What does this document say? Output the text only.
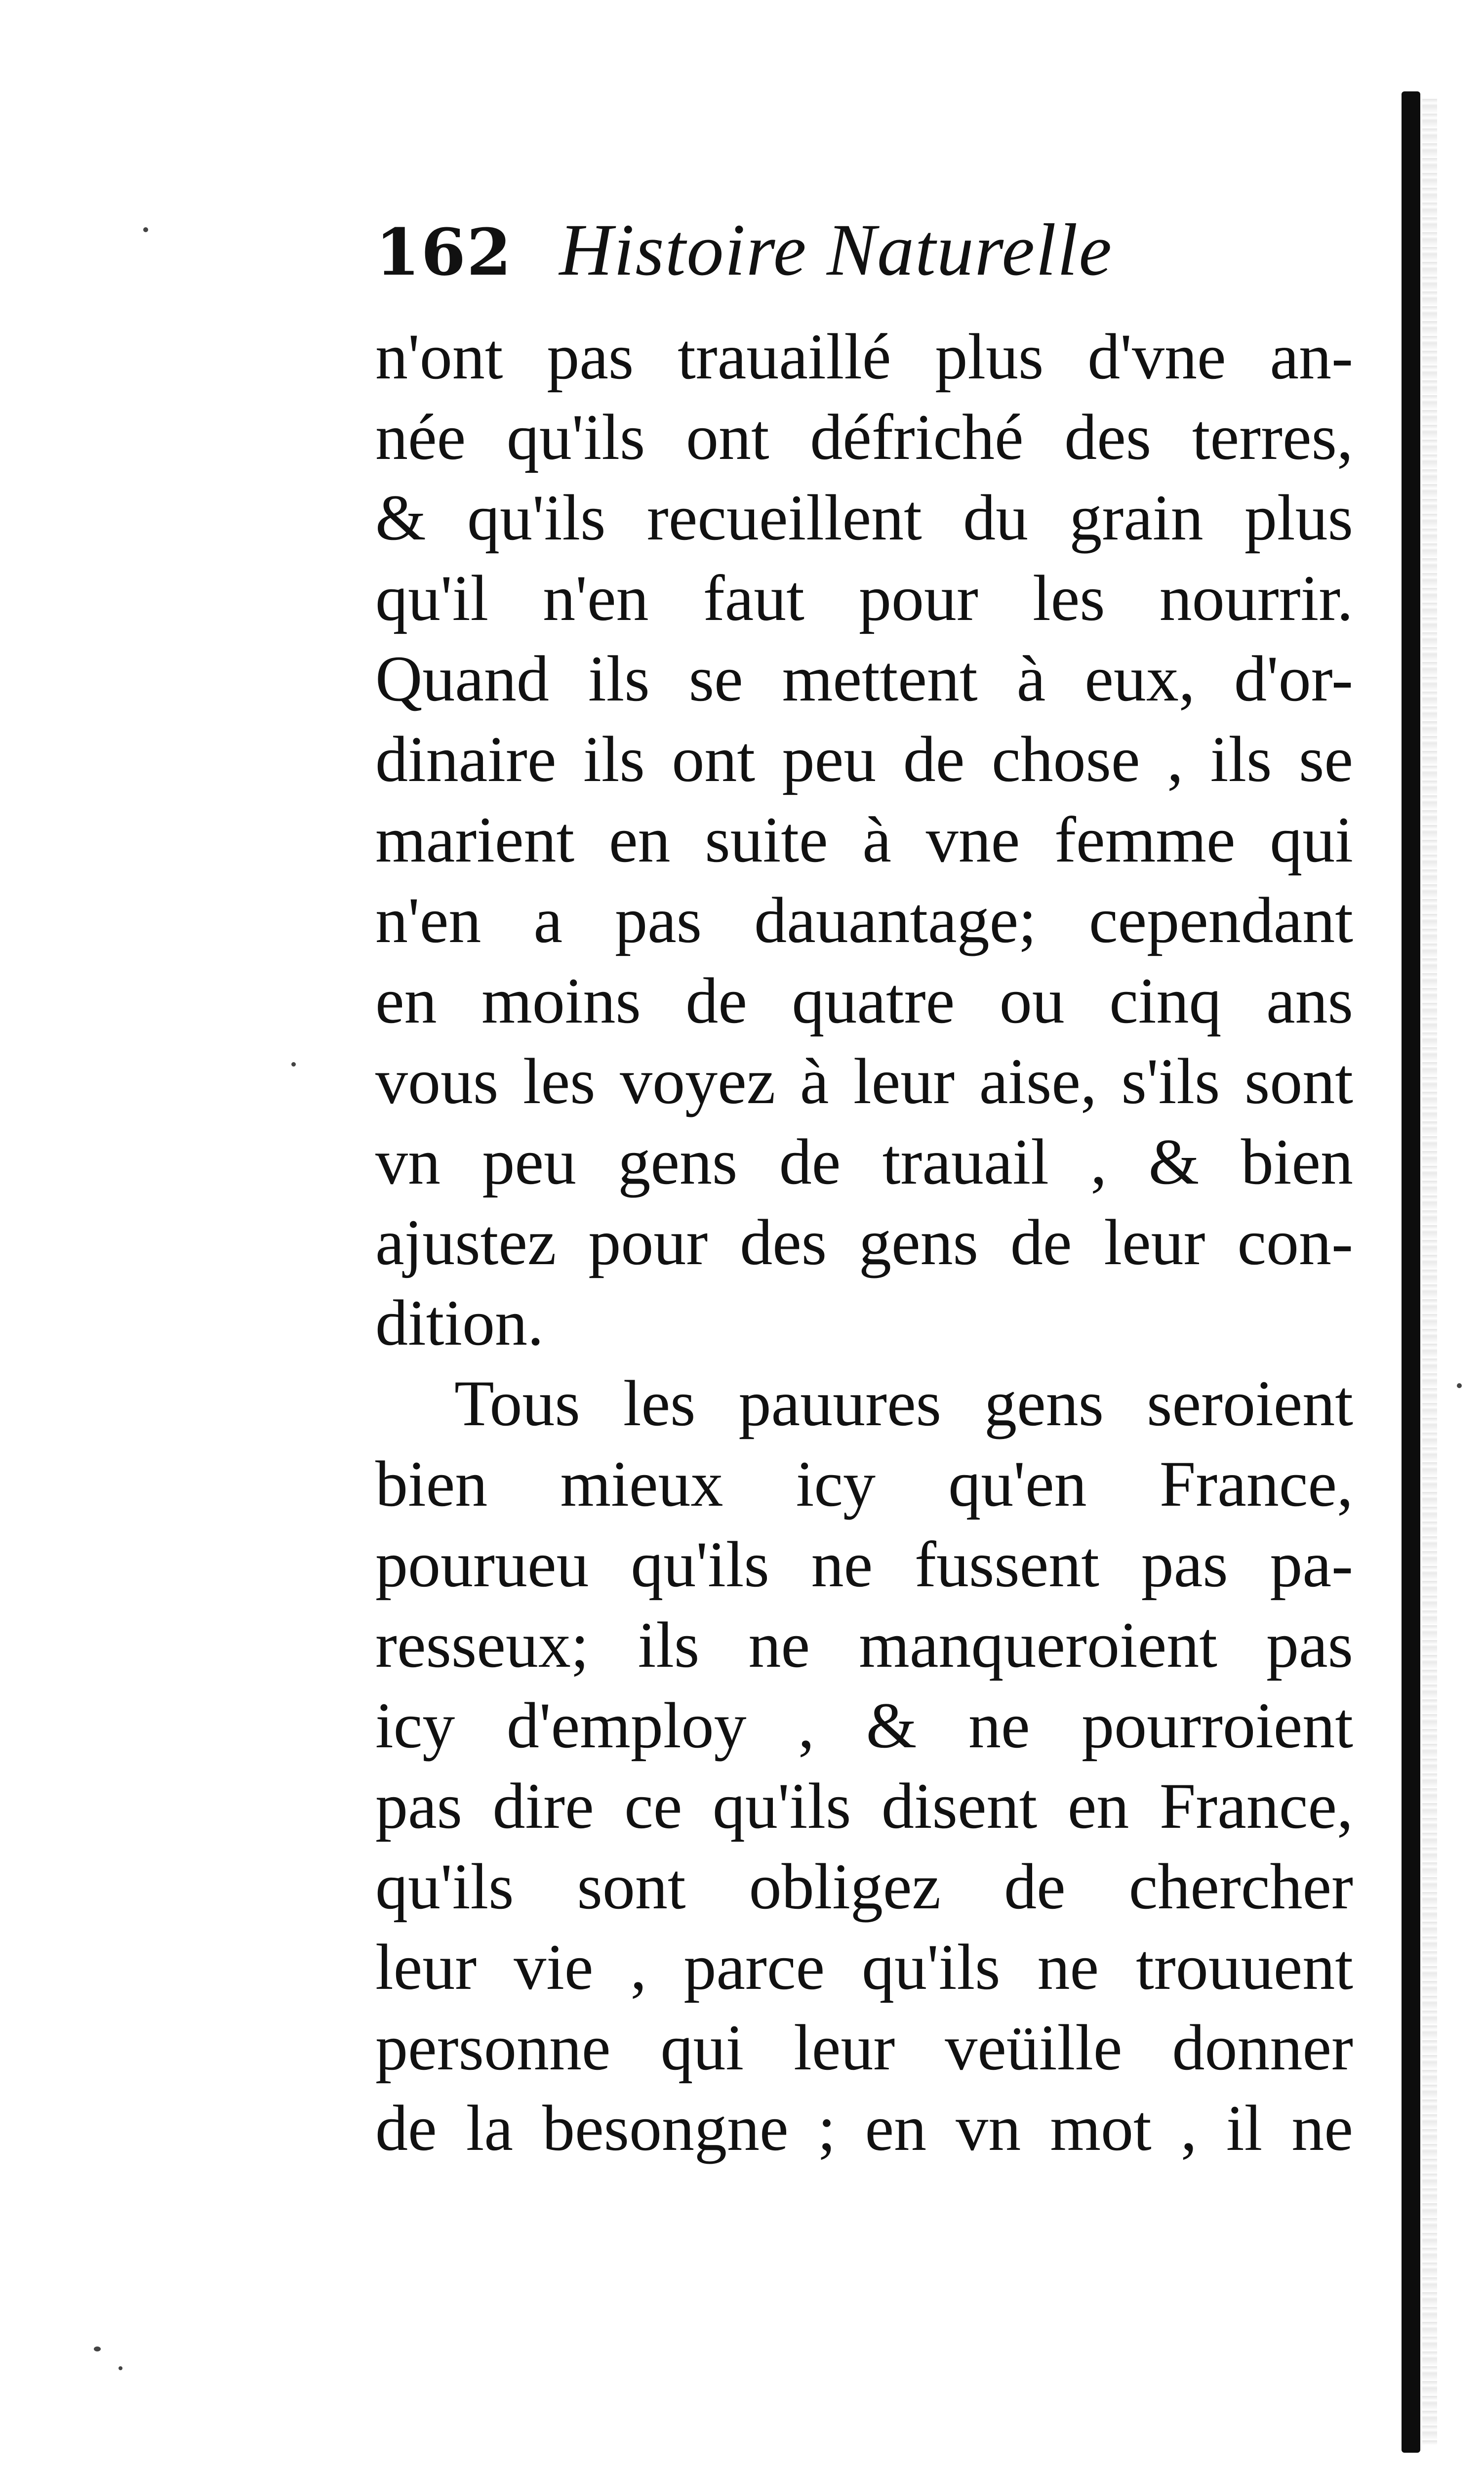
162 Histoire Naturelle
n'ont pas trauaillé plus d'vne an-
née qu'ils ont défriché des terres,
& qu'ils recueillent du grain plus
qu'il n'en faut pour les nourrir.
Quand ils se mettent à eux, d'or-
dinaire ils ont peu de chose , ils se
marient en suite à vne femme qui
n'en a pas dauantage; cependant
en moins de quatre ou cinq ans
vous les voyez à leur aise, s'ils sont
vn peu gens de trauail , & bien
ajustez pour des gens de leur con-
dition.
Tous les pauures gens seroient
bien mieux icy qu'en France,
pourueu qu'ils ne fussent pas pa-
resseux; ils ne manqueroient pas
icy d'employ , & ne pourroient
pas dire ce qu'ils disent en France,
qu'ils sont obligez de chercher
leur vie , parce qu'ils ne trouuent
personne qui leur veüille donner
de la besongne ; en vn mot , il ne
